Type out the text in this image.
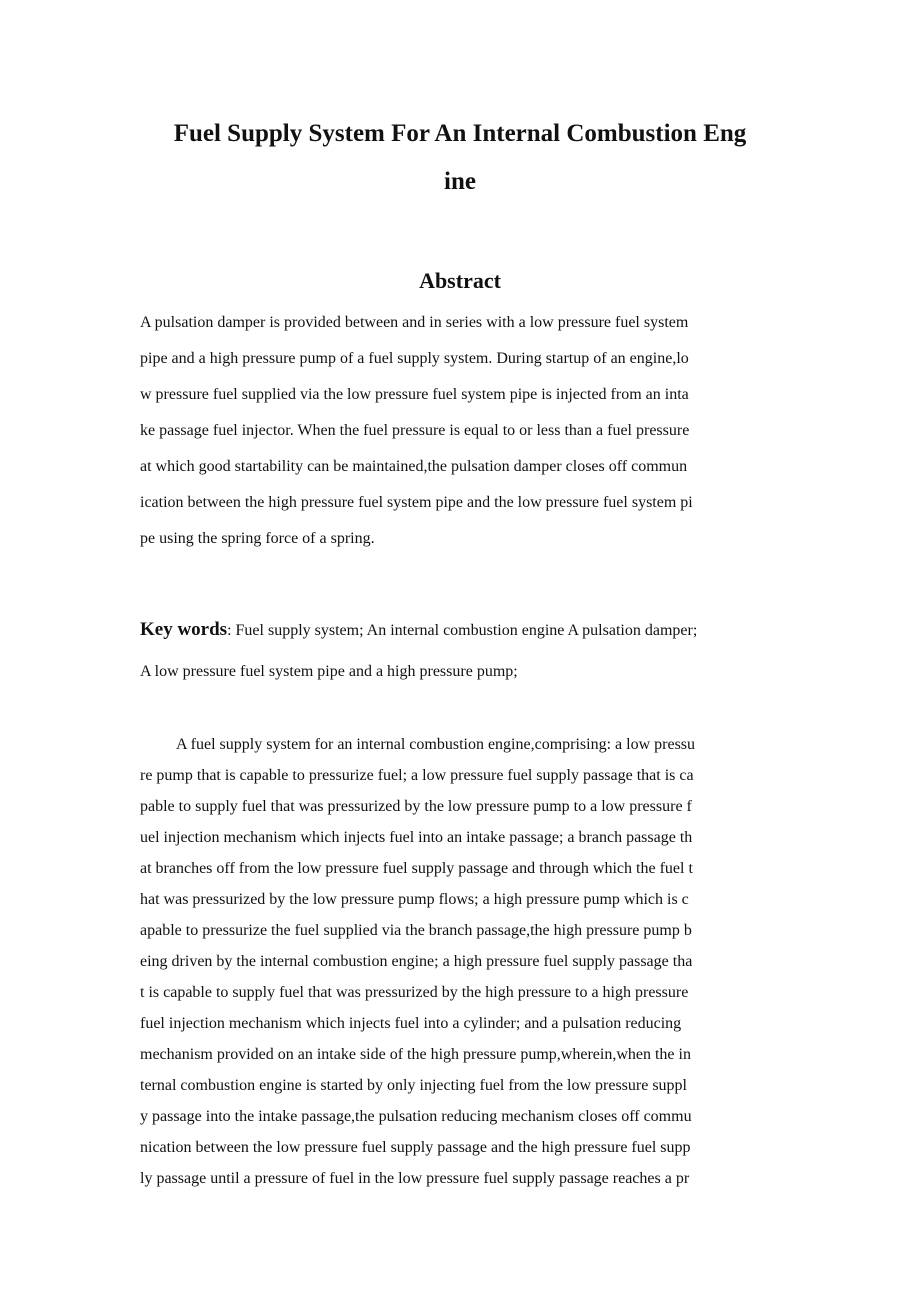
Fuel Supply System For An Internal Combustion Eng
ine
Abstract
A pulsation damper is provided between and in series with a low pressure fuel system
pipe and a high pressure pump of a fuel supply system. During startup of an engine,lo
w pressure fuel supplied via the low pressure fuel system pipe is injected from an inta
ke passage fuel injector. When the fuel pressure is equal to or less than a fuel pressure
at which good startability can be maintained,the pulsation damper closes off commun
ication between the high pressure fuel system pipe and the low pressure fuel system pi
pe using the spring force of a spring.
Key words: Fuel supply system; An internal combustion engine A pulsation damper;
A low pressure fuel system pipe and a high pressure pump;
A fuel supply system for an internal combustion engine,comprising: a low pressu
re pump that is capable to pressurize fuel; a low pressure fuel supply passage that is ca
pable to supply fuel that was pressurized by the low pressure pump to a low pressure f
uel injection mechanism which injects fuel into an intake passage; a branch passage th
at branches off from the low pressure fuel supply passage and through which the fuel t
hat was pressurized by the low pressure pump flows; a high pressure pump which is c
apable to pressurize the fuel supplied via the branch passage,the high pressure pump b
eing driven by the internal combustion engine; a high pressure fuel supply passage tha
t is capable to supply fuel that was pressurized by the high pressure to a high pressure
fuel injection mechanism which injects fuel into a cylinder; and a pulsation reducing
mechanism provided on an intake side of the high pressure pump,wherein,when the in
ternal combustion engine is started by only injecting fuel from the low pressure suppl
y passage into the intake passage,the pulsation reducing mechanism closes off commu
nication between the low pressure fuel supply passage and the high pressure fuel supp
ly passage until a pressure of fuel in the low pressure fuel supply passage reaches a pr
